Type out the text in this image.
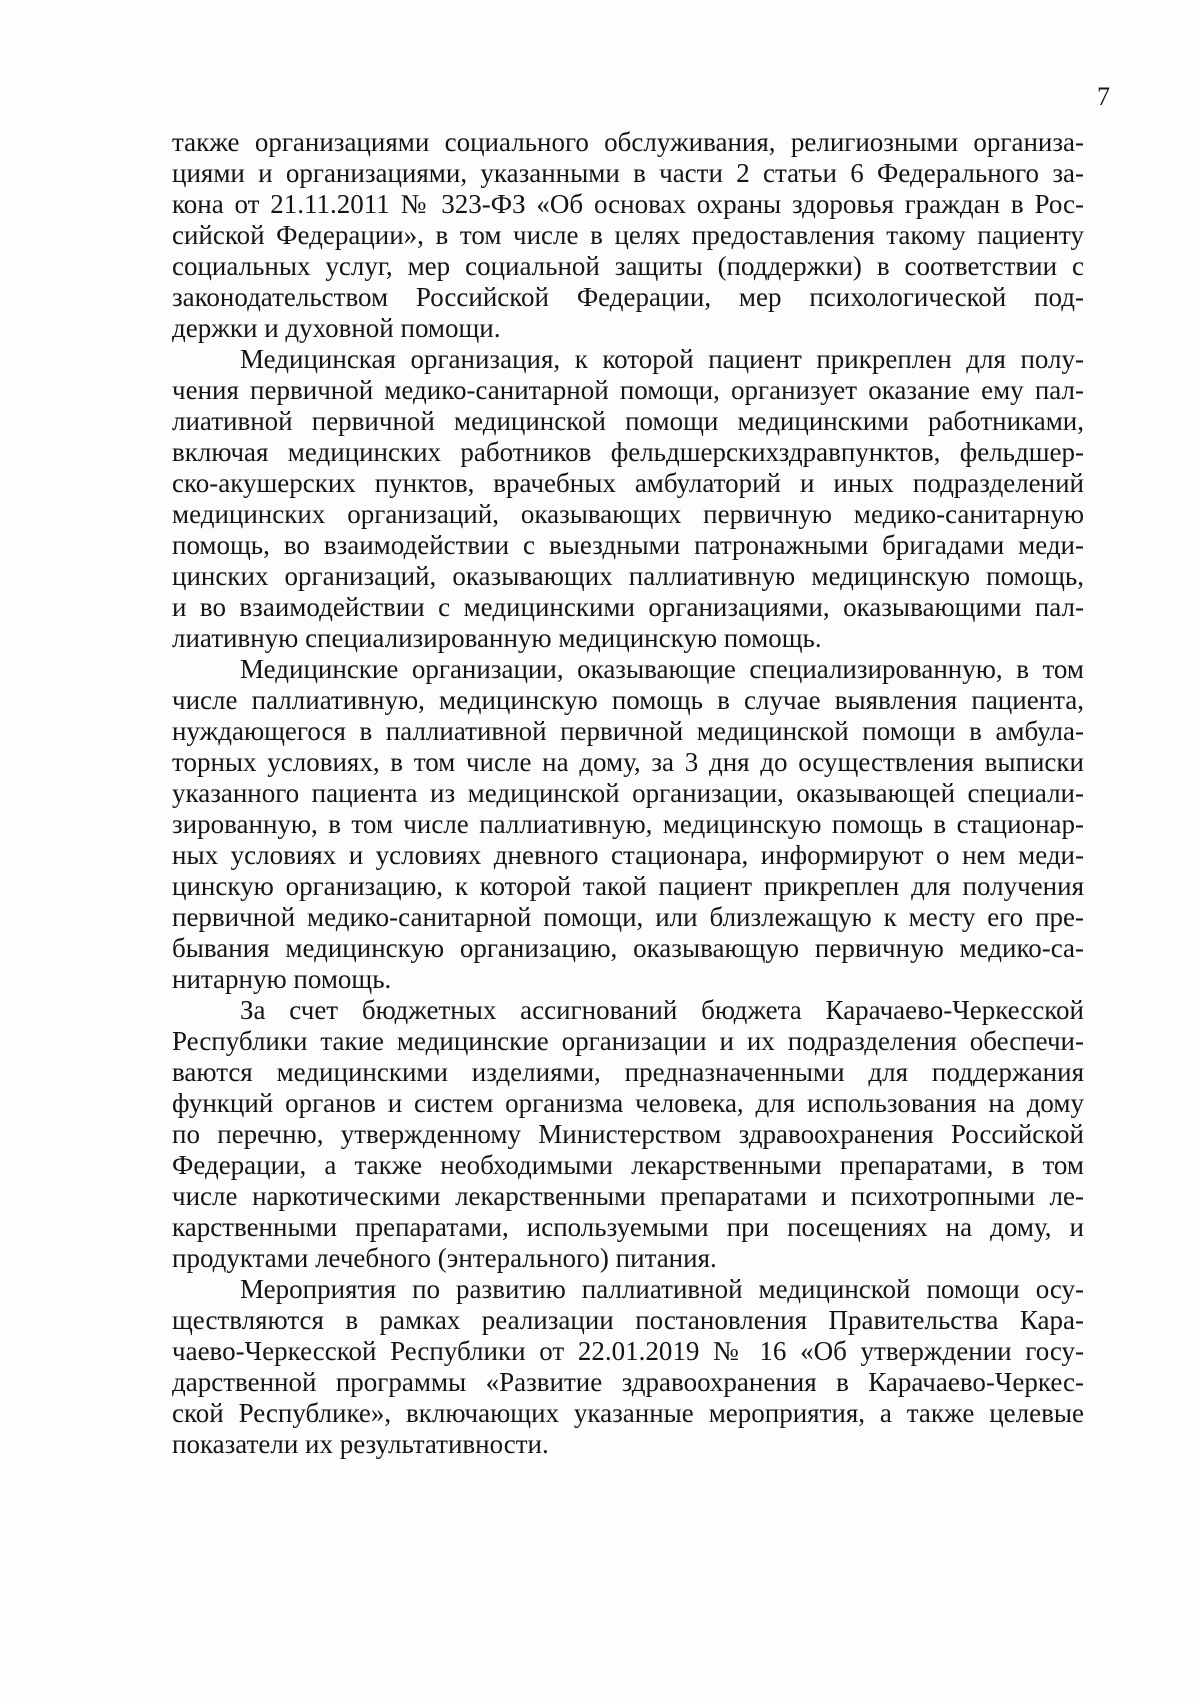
7
также организациями социального обслуживания, религиозными организа-
циями и организациями, указанными в части 2 статьи 6 Федерального за-
кона от 21.11.2011 № 323-ФЗ «Об основах охраны здоровья граждан в Рос-
сийской Федерации», в том числе в целях предоставления такому пациенту
социальных услуг, мер социальной защиты (поддержки) в соответствии с
законодательством Российской Федерации, мер психологической под-
держки и духовной помощи.
Медицинская организация, к которой пациент прикреплен для полу-
чения первичной медико-санитарной помощи, организует оказание ему пал-
лиативной первичной медицинской помощи медицинскими работниками,
включая медицинских работников фельдшерскихздравпунктов, фельдшер-
ско-акушерских пунктов, врачебных амбулаторий и иных подразделений
медицинских организаций, оказывающих первичную медико-санитарную
помощь, во взаимодействии с выездными патронажными бригадами меди-
цинских организаций, оказывающих паллиативную медицинскую помощь,
и во взаимодействии с медицинскими организациями, оказывающими пал-
лиативную специализированную медицинскую помощь.
Медицинские организации, оказывающие специализированную, в том
числе паллиативную, медицинскую помощь в случае выявления пациента,
нуждающегося в паллиативной первичной медицинской помощи в амбула-
торных условиях, в том числе на дому, за 3 дня до осуществления выписки
указанного пациента из медицинской организации, оказывающей специали-
зированную, в том числе паллиативную, медицинскую помощь в стационар-
ных условиях и условиях дневного стационара, информируют о нем меди-
цинскую организацию, к которой такой пациент прикреплен для получения
первичной медико-санитарной помощи, или близлежащую к месту его пре-
бывания медицинскую организацию, оказывающую первичную медико-са-
нитарную помощь.
За счет бюджетных ассигнований бюджета Карачаево-Черкесской
Республики такие медицинские организации и их подразделения обеспечи-
ваются медицинскими изделиями, предназначенными для поддержания
функций органов и систем организма человека, для использования на дому
по перечню, утвержденному Министерством здравоохранения Российской
Федерации, а также необходимыми лекарственными препаратами, в том
числе наркотическими лекарственными препаратами и психотропными ле-
карственными препаратами, используемыми при посещениях на дому, и
продуктами лечебного (энтерального) питания.
Мероприятия по развитию паллиативной медицинской помощи осу-
ществляются в рамках реализации постановления Правительства Кара-
чаево-Черкесской Республики от 22.01.2019 № 16 «Об утверждении госу-
дарственной программы «Развитие здравоохранения в Карачаево-Черкес-
ской Республике», включающих указанные мероприятия, а также целевые
показатели их результативности.
